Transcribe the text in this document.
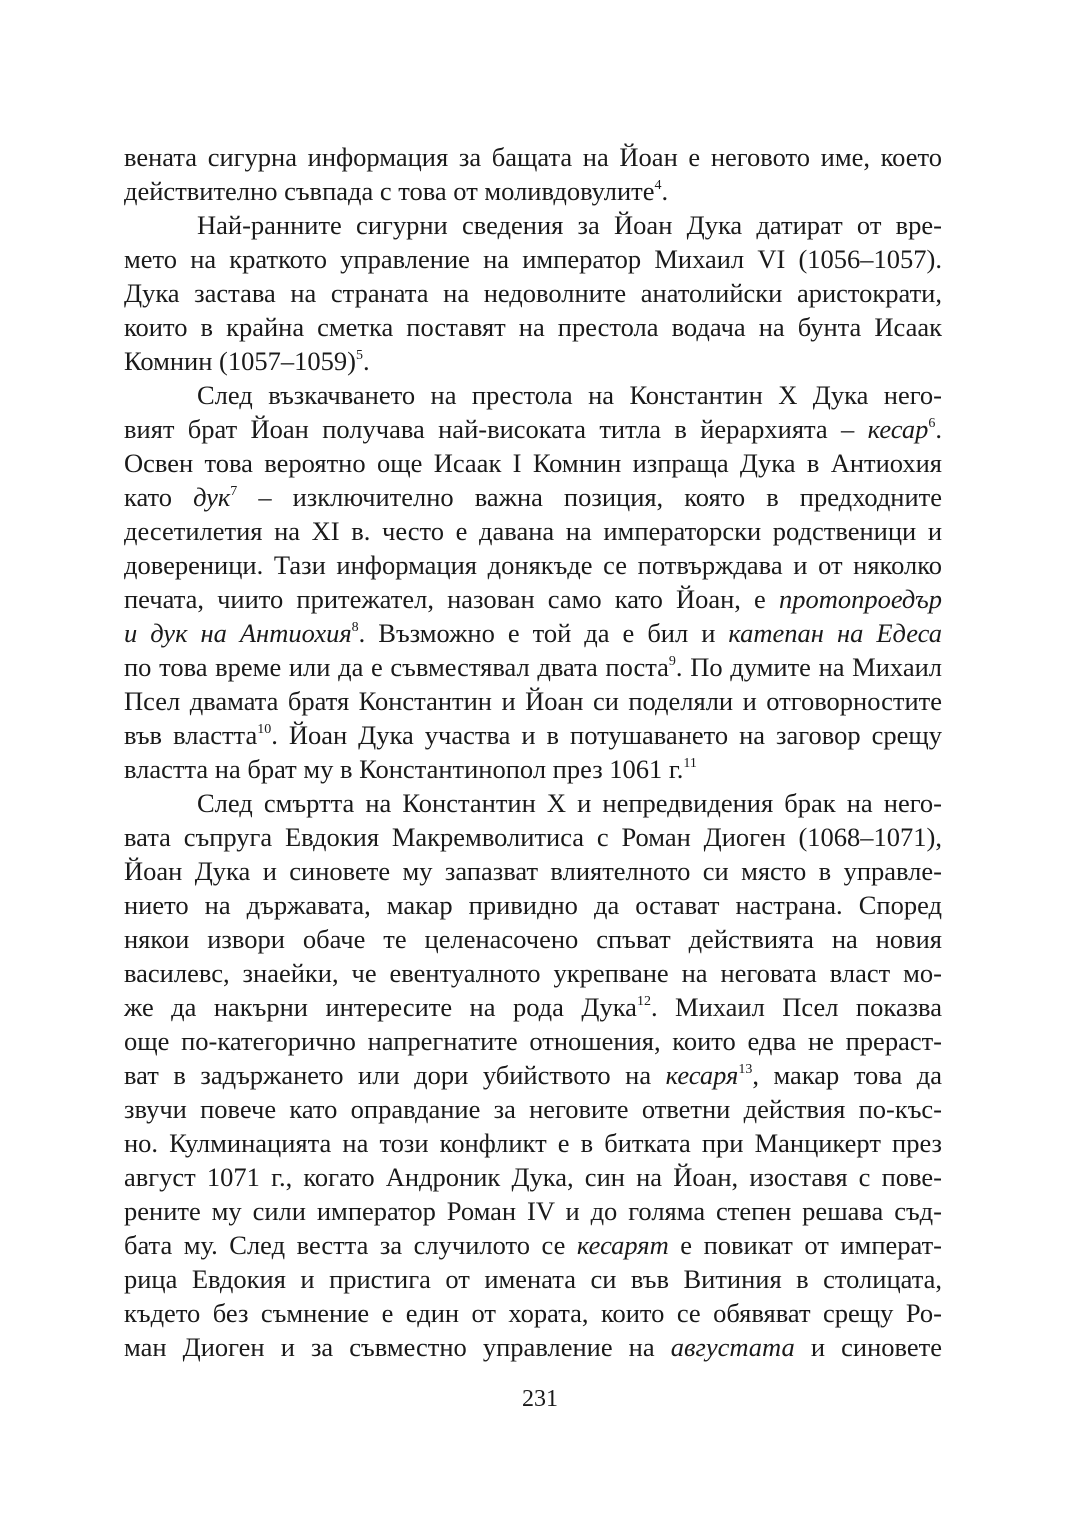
вената сигурна информация за бащата на Йоан е неговото име, което
действително съвпада с това от моливдовулите$^4$.
Най-ранните сигурни сведения за Йоан Дука датират от вре-
мето на краткото управление на император Михаил VI (1056–1057).
Дука застава на страната на недоволните анатолийски аристократи,
които в крайна сметка поставят на престола водача на бунта Исаак
Комнин (1057–1059)$^5$.
След възкачването на престола на Константин X Дука него-
вият брат Йоан получава най-високата титла в йерархията – кесар$^6$.
Освен това вероятно още Исаак I Комнин изпраща Дука в Антиохия
като дук$^7$ – изключително важна позиция, която в предходните
десетилетия на XI в. често е давана на императорски родственици и
довереници. Тази информация донякъде се потвърждава и от няколко
печата, чиито притежател, назован само като Йоан, е протопроедър
и дук на Антиохия$^8$. Възможно е той да е бил и катепан на Едеса
по това време или да е съвместявал двата поста$^9$. По думите на Михаил
Псел двамата братя Константин и Йоан си поделяли и отговорностите
във властта$^{10}$. Йоан Дука участва и в потушаването на заговор срещу
властта на брат му в Константинопол през 1061 г.$^{11}$
След смъртта на Константин X и непредвидения брак на него-
вата съпруга Евдокия Макремволитиса с Роман Диоген (1068–1071),
Йоан Дука и синовете му запазват влиятелното си място в управле-
нието на държавата, макар привидно да остават настрана. Според
някои извори обаче те целенасочено спъват действията на новия
василевс, знаейки, че евентуалното укрепване на неговата власт мо-
же да накърни интересите на рода Дука$^{12}$. Михаил Псел показва
още по-категорично напрегнатите отношения, които едва не прераст-
ват в задържането или дори убийството на кесаря$^{13}$, макар това да
звучи повече като оправдание за неговите ответни действия по-къс-
но. Кулминацията на този конфликт е в битката при Манцикерт през
август 1071 г., когато Андроник Дука, син на Йоан, изоставя с пове-
рените му сили император Роман IV и до голяма степен решава съд-
бата му. След вестта за случилото се кесарят е повикат от императ-
рица Евдокия и пристига от имената си във Витиния в столицата,
където без съмнение е един от хората, които се обявяват срещу Ро-
ман Диоген и за съвместно управление на августата и синовете
231
